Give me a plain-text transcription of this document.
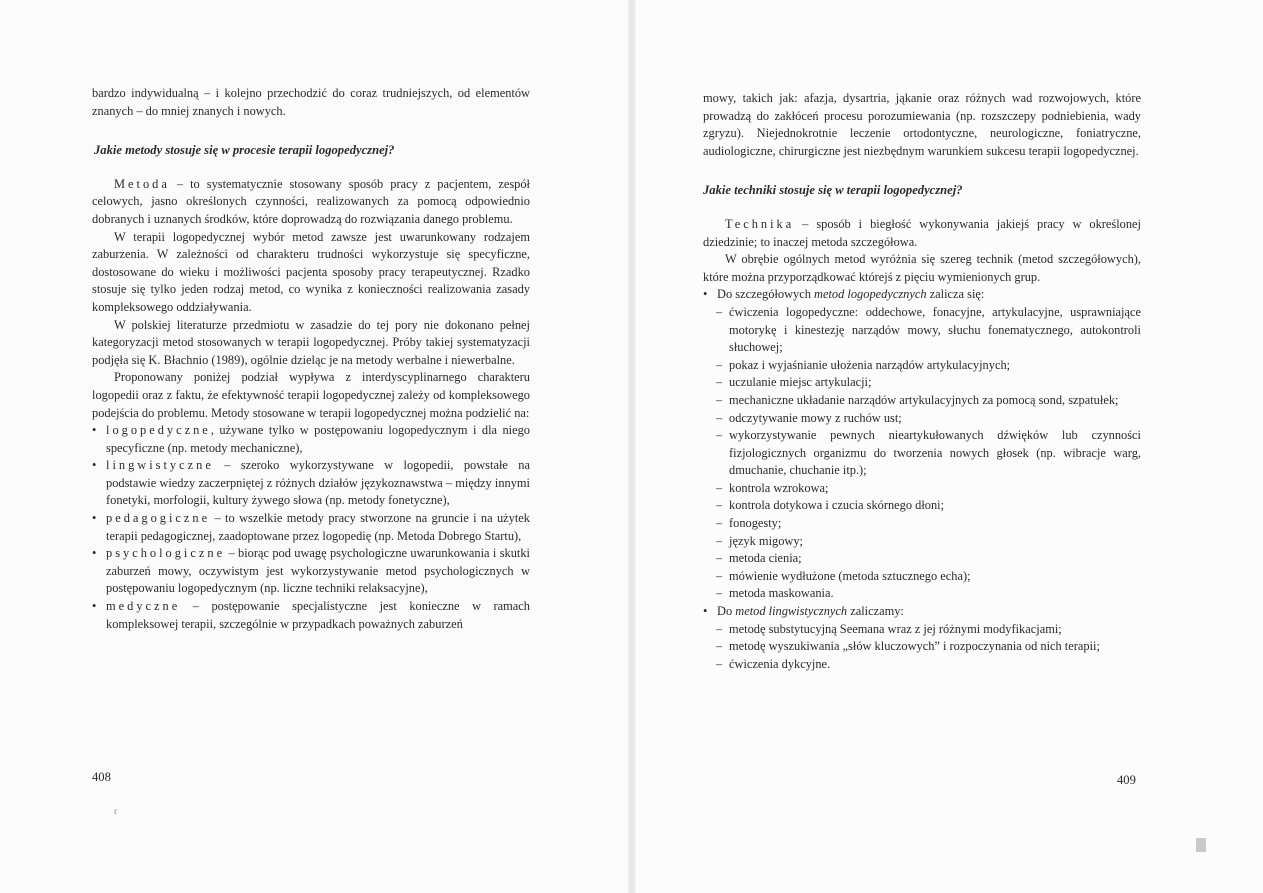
bardzo indywidualną – i kolejno przechodzić do coraz trudniejszych, od elementów znanych – do mniej znanych i nowych.

Jakie metody stosuje się w procesie terapii logopedycznej?

Metoda – to systematycznie stosowany sposób pracy z pacjentem, zespół celowych, jasno określonych czynności, realizowanych za pomocą odpowiednio dobranych i uznanych środków, które doprowadzą do rozwiązania danego problemu.

W terapii logopedycznej wybór metod zawsze jest uwarunkowany rodzajem zaburzenia. W zależności od charakteru trudności wykorzystuje się specyficzne, dostosowane do wieku i możliwości pacjenta sposoby pracy terapeutycznej. Rzadko stosuje się tylko jeden rodzaj metod, co wynika z konieczności realizowania zasady kompleksowego oddziaływania.

W polskiej literaturze przedmiotu w zasadzie do tej pory nie dokonano pełnej kategoryzacji metod stosowanych w terapii logopedycznej. Próby takiej systematyzacji podjęła się K. Błachnio (1989), ogólnie dzieląc je na metody werbalne i niewerbalne.

Proponowany poniżej podział wypływa z interdyscyplinarnego charakteru logopedii oraz z faktu, że efektywność terapii logopedycznej zależy od kompleksowego podejścia do problemu. Metody stosowane w terapii logopedycznej można podzielić na:

• logopedyczne, używane tylko w postępowaniu logopedycznym i dla niego specyficzne (np. metody mechaniczne),

• lingwistyczne – szeroko wykorzystywane w logopedii, powstałe na podstawie wiedzy zaczerpniętej z różnych działów językoznawstwa – między innymi fonetyki, morfologii, kultury żywego słowa (np. metody fonetyczne),

• pedagogiczne – to wszelkie metody pracy stworzone na gruncie i na użytek terapii pedagogicznej, zaadoptowane przez logopedię (np. Metoda Dobrego Startu),

• psychologiczne – biorąc pod uwagę psychologiczne uwarunkowania i skutki zaburzeń mowy, oczywistym jest wykorzystywanie metod psychologicznych w postępowaniu logopedycznym (np. liczne techniki relaksacyjne),

• medyczne – postępowanie specjalistyczne jest konieczne w ramach kompleksowej terapii, szczególnie w przypadkach poważnych zaburzeń

408
r

mowy, takich jak: afazja, dysartria, jąkanie oraz różnych wad rozwojowych, które prowadzą do zakłóceń procesu porozumiewania (np. rozszczepy podniebienia, wady zgryzu). Niejednokrotnie leczenie ortodontyczne, neurologiczne, foniatryczne, audiologiczne, chirurgiczne jest niezbędnym warunkiem sukcesu terapii logopedycznej.

Jakie techniki stosuje się w terapii logopedycznej?

Technika – sposób i biegłość wykonywania jakiejś pracy w określonej dziedzinie; to inaczej metoda szczegółowa.

W obrębie ogólnych metod wyróżnia się szereg technik (metod szczegółowych), które można przyporządkować którejś z pięciu wymienionych grup.

• Do szczegółowych metod logopedycznych zalicza się:

– ćwiczenia logopedyczne: oddechowe, fonacyjne, artykulacyjne, usprawniające motorykę i kinestezję narządów mowy, słuchu fonematycznego, autokontroli słuchowej;

– pokaz i wyjaśnianie ułożenia narządów artykulacyjnych;

– uczulanie miejsc artykulacji;

– mechaniczne układanie narządów artykulacyjnych za pomocą sond, szpatułek;

– odczytywanie mowy z ruchów ust;

– wykorzystywanie pewnych nieartykułowanych dźwięków lub czynności fizjologicznych organizmu do tworzenia nowych głosek (np. wibracje warg, dmuchanie, chuchanie itp.);

– kontrola wzrokowa;

– kontrola dotykowa i czucia skórnego dłoni;

– fonogesty;

– język migowy;

– metoda cienia;

– mówienie wydłużone (metoda sztucznego echa);

– metoda maskowania.

• Do metod lingwistycznych zaliczamy:

– metodę substytucyjną Seemana wraz z jej różnymi modyfikacjami;

– metodę wyszukiwania „słów kluczowych” i rozpoczynania od nich terapii;

– ćwiczenia dykcyjne.

409
